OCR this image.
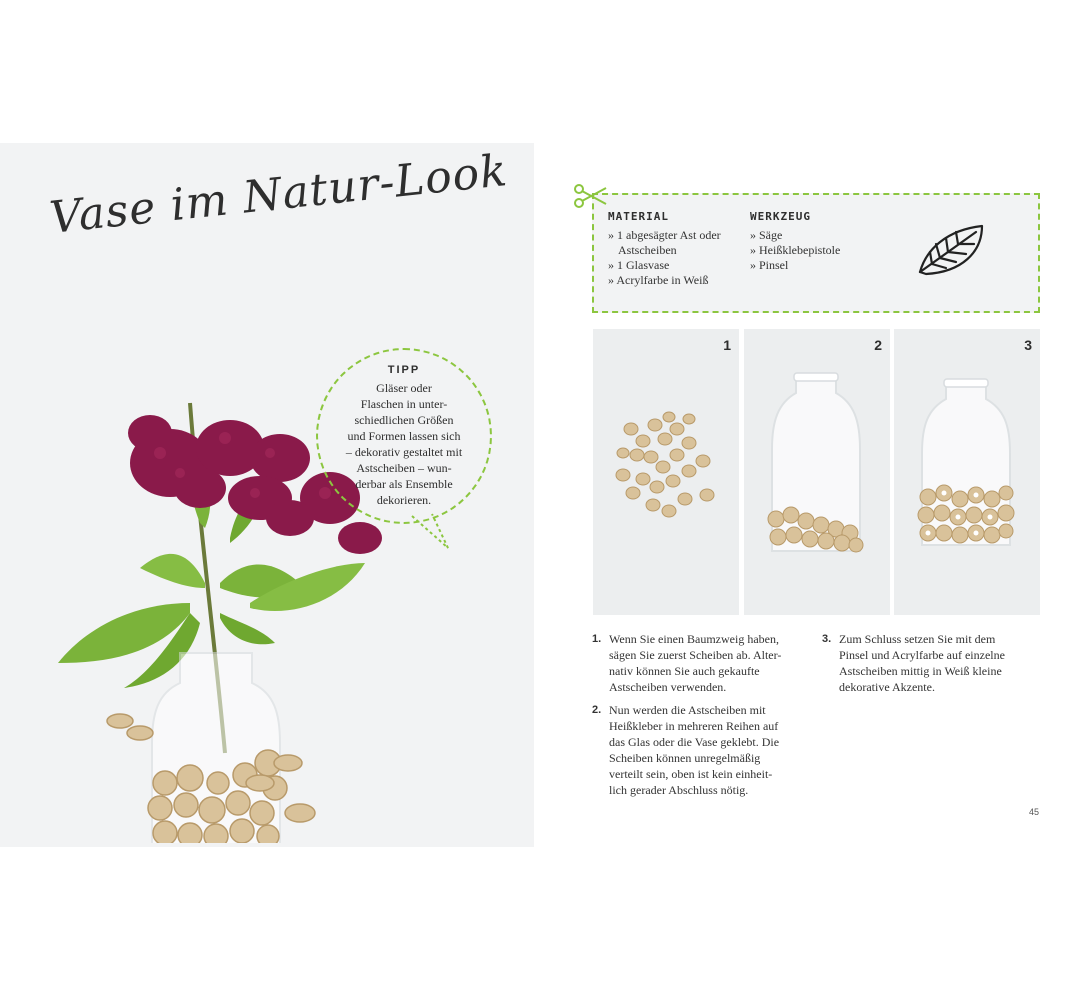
Vase im Natur-Look
TIPP
Gläser oder
Flaschen in unter-
schiedlichen Größen
und Formen lassen sich
– dekorativ gestaltet mit
Astscheiben – wun-
derbar als Ensemble
dekorieren.
MATERIAL
» 1 abgesägter Ast oder Astscheiben
» 1 Glasvase
» Acrylfarbe in Weiß
WERKZEUG
» Säge
» Heißklebepistole
» Pinsel
1	2	3
1. Wenn Sie einen Baumzweig haben,
sägen Sie zuerst Scheiben ab. Alter-
nativ können Sie auch gekaufte
Astscheiben verwenden.
2. Nun werden die Astscheiben mit
Heißkleber in mehreren Reihen auf
das Glas oder die Vase geklebt. Die
Scheiben können unregelmäßig
verteilt sein, oben ist kein einheit-
lich gerader Abschluss nötig.
3. Zum Schluss setzen Sie mit dem
Pinsel und Acrylfarbe auf einzelne
Astscheiben mittig in Weiß kleine
dekorative Akzente.
45
